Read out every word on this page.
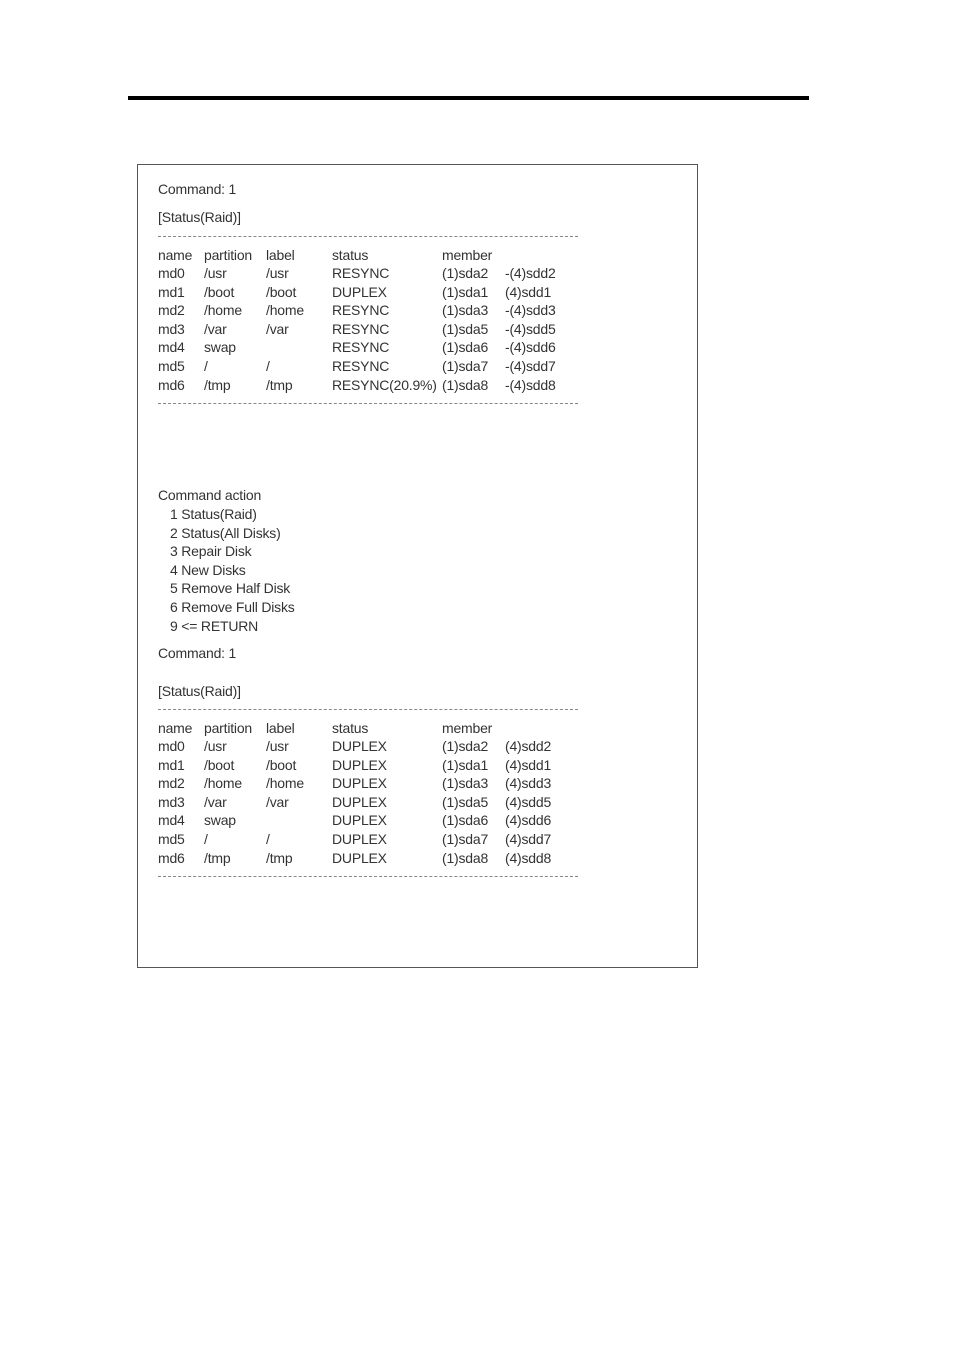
Command: 1
[Status(Raid)]
name partition label	status	member
md0 /usr	/usr	RESYNC	(1)sda2 -(4)sdd2
md1 /boot /boot	DUPLEX	(1)sda1 (4)sdd1
md2 /home /home RESYNC	(1)sda3 -(4)sdd3
md3 /var	/var	RESYNC	(1)sda5 -(4)sdd5
md4 swap	RESYNC	(1)sda6 -(4)sdd6
md5 /	/	RESYNC	(1)sda7 -(4)sdd7
md6 /tmp	/tmp	RESYNC(20.9%) (1)sda8 -(4)sdd8
Command action
1 Status(Raid)
2 Status(All Disks)
3 Repair Disk
4 New Disks
5 Remove Half Disk
6 Remove Full Disks
9 <= RETURN
Command: 1
[Status(Raid)]
name partition label	status	member
md0 /usr	/usr	DUPLEX	(1)sda2 (4)sdd2
md1 /boot /boot	DUPLEX	(1)sda1 (4)sdd1
md2 /home /home DUPLEX	(1)sda3 (4)sdd3
md3 /var	/var	DUPLEX	(1)sda5 (4)sdd5
md4 swap	DUPLEX	(1)sda6 (4)sdd6
md5 /	/	DUPLEX	(1)sda7 (4)sdd7
md6 /tmp	/tmp	DUPLEX	(1)sda8 (4)sdd8
